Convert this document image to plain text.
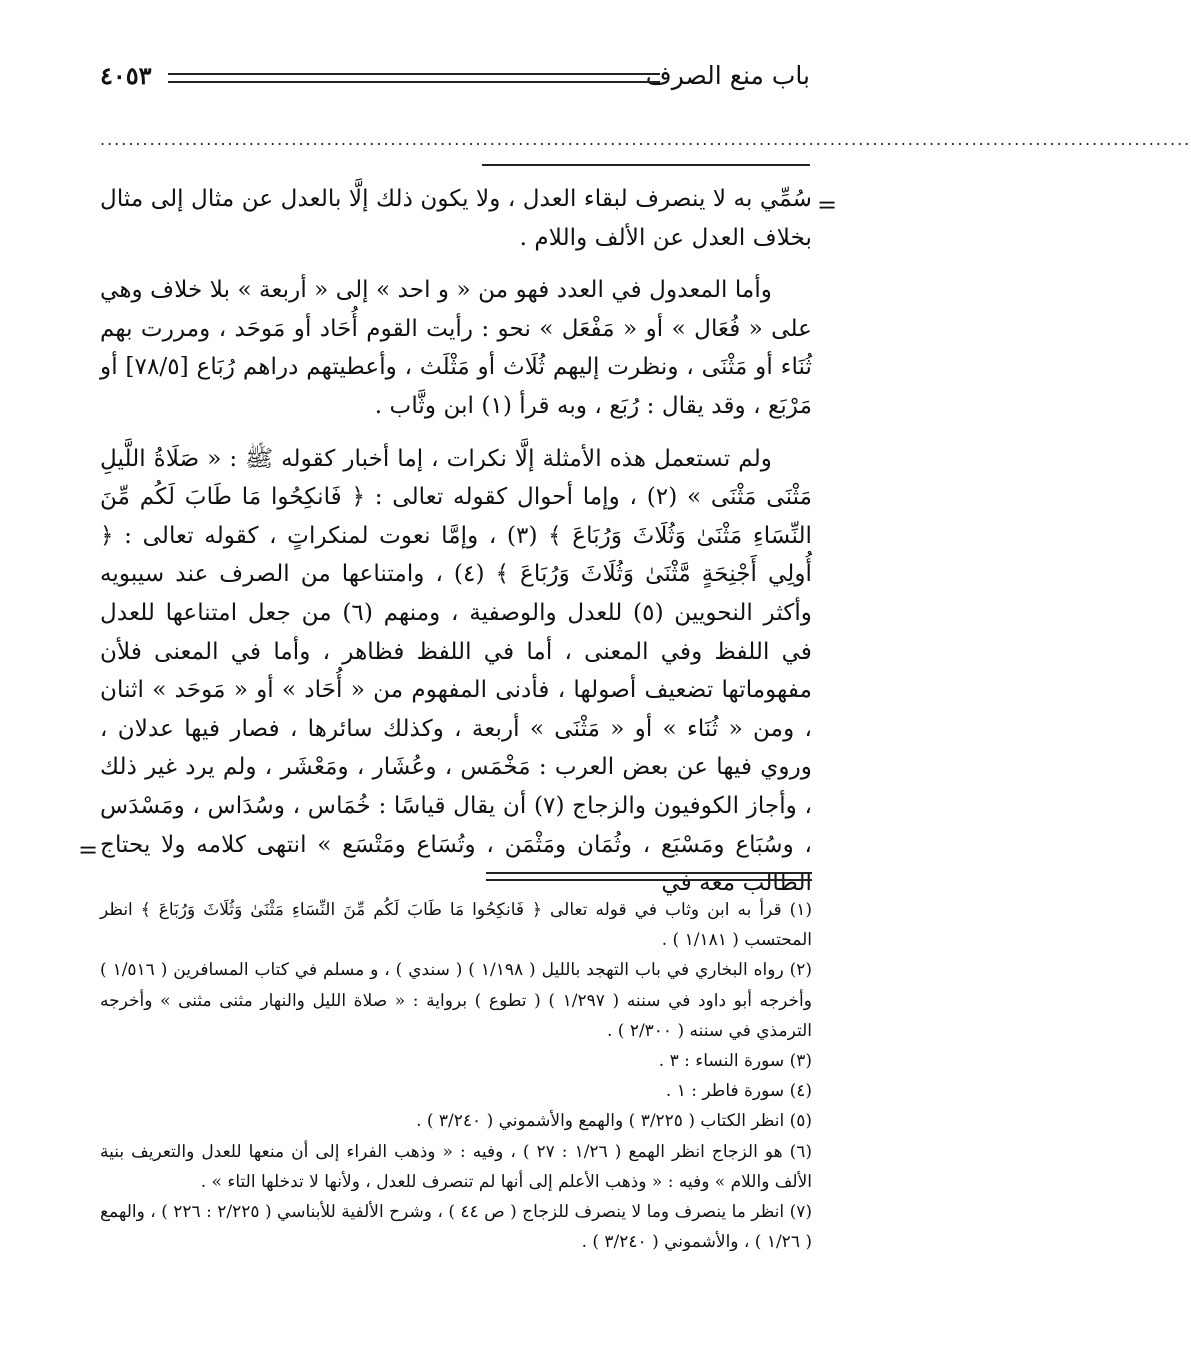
باب منع الصرف
٤٠٥٣
..........................................................................................................................................................
=

سُمِّي به لا ينصرف لبقاء العدل ، ولا يكون ذلك إلَّا بالعدل عن مثال إلى مثال بخلاف العدل عن الألف واللام .

وأما المعدول في العدد فهو من « و احد » إلى « أربعة » بلا خلاف وهي على « فُعَال » أو « مَفْعَل » نحو : رأيت القوم أُحَاد أو مَوحَد ، ومررت بهم ثُنَاء أو مَثْنَى ، ونظرت إليهم ثُلَاث أو مَثْلَث ، وأعطيتهم دراهم رُبَاع [٧٨/٥] أو مَرْبَع ، وقد يقال : رُبَع ، وبه قرأ (١) ابن وثَّاب .

ولم تستعمل هذه الأمثلة إلَّا نكرات ، إما أخبار كقوله ﷺ : « صَلَاةُ اللَّيلِ مَثْنَى مَثْنَى » (٢) ، وإما أحوال كقوله تعالى : ﴿ فَانكِحُوا مَا طَابَ لَكُم مِّنَ النِّسَاءِ مَثْنَىٰ وَثُلَاثَ وَرُبَاعَ ﴾ (٣) ، وإمَّا نعوت لمنكراتٍ ، كقوله تعالى : ﴿ أُولِي أَجْنِحَةٍ مَّثْنَىٰ وَثُلَاثَ وَرُبَاعَ ﴾ (٤) ، وامتناعها من الصرف عند سيبويه وأكثر النحويين (٥) للعدل والوصفية ، ومنهم (٦) من جعل امتناعها للعدل في اللفظ وفي المعنى ، أما في اللفظ فظاهر ، وأما في المعنى فلأن مفهوماتها تضعيف أصولها ، فأدنى المفهوم من « أُحَاد » أو « مَوحَد » اثنان ، ومن « ثُنَاء » أو « مَثْنَى » أربعة ، وكذلك سائرها ، فصار فيها عدلان ، وروي فيها عن بعض العرب : مَخْمَس ، وعُشَار ، ومَعْشَر ، ولم يرد غير ذلك ، وأجاز الكوفيون والزجاج (٧) أن يقال قياسًا : خُمَاس ، وسُدَاس ، ومَسْدَس ، وسُبَاع ومَسْبَع ، وثُمَان ومَثْمَن ، وتُسَاع ومَتْسَع » انتهى كلامه ولا يحتاج الطالب معه في

=

(١) قرأ به ابن وثاب في قوله تعالى ﴿ فَانكِحُوا مَا طَابَ لَكُم مِّنَ النِّسَاءِ مَثْنَىٰ وَثُلَاثَ وَرُبَاعَ ﴾ انظر المحتسب ( ١/١٨١ ) .

(٢) رواه البخاري في باب التهجد بالليل ( ١/١٩٨ ) ( سندي ) ، و مسلم في كتاب المسافرين ( ١/٥١٦ ) وأخرجه أبو داود في سننه ( ١/٢٩٧ ) ( تطوع ) برواية : « صلاة الليل والنهار مثنى مثنى » وأخرجه الترمذي في سننه ( ٢/٣٠٠ ) .

(٣) سورة النساء : ٣ .

(٤) سورة فاطر : ١ .

(٥) انظر الكتاب ( ٣/٢٢٥ ) والهمع والأشموني ( ٣/٢٤٠ ) .

(٦) هو الزجاج انظر الهمع ( ١/٢٦ : ٢٧ ) ، وفيه : « وذهب الفراء إلى أن منعها للعدل والتعريف بنية الألف واللام » وفيه : « وذهب الأعلم إلى أنها لم تنصرف للعدل ، ولأنها لا تدخلها التاء » .

(٧) انظر ما ينصرف وما لا ينصرف للزجاج ( ص ٤٤ ) ، وشرح الألفية للأبناسي ( ٢/٢٢٥ : ٢٢٦ ) ، والهمع ( ١/٢٦ ) ، والأشموني ( ٣/٢٤٠ ) .
